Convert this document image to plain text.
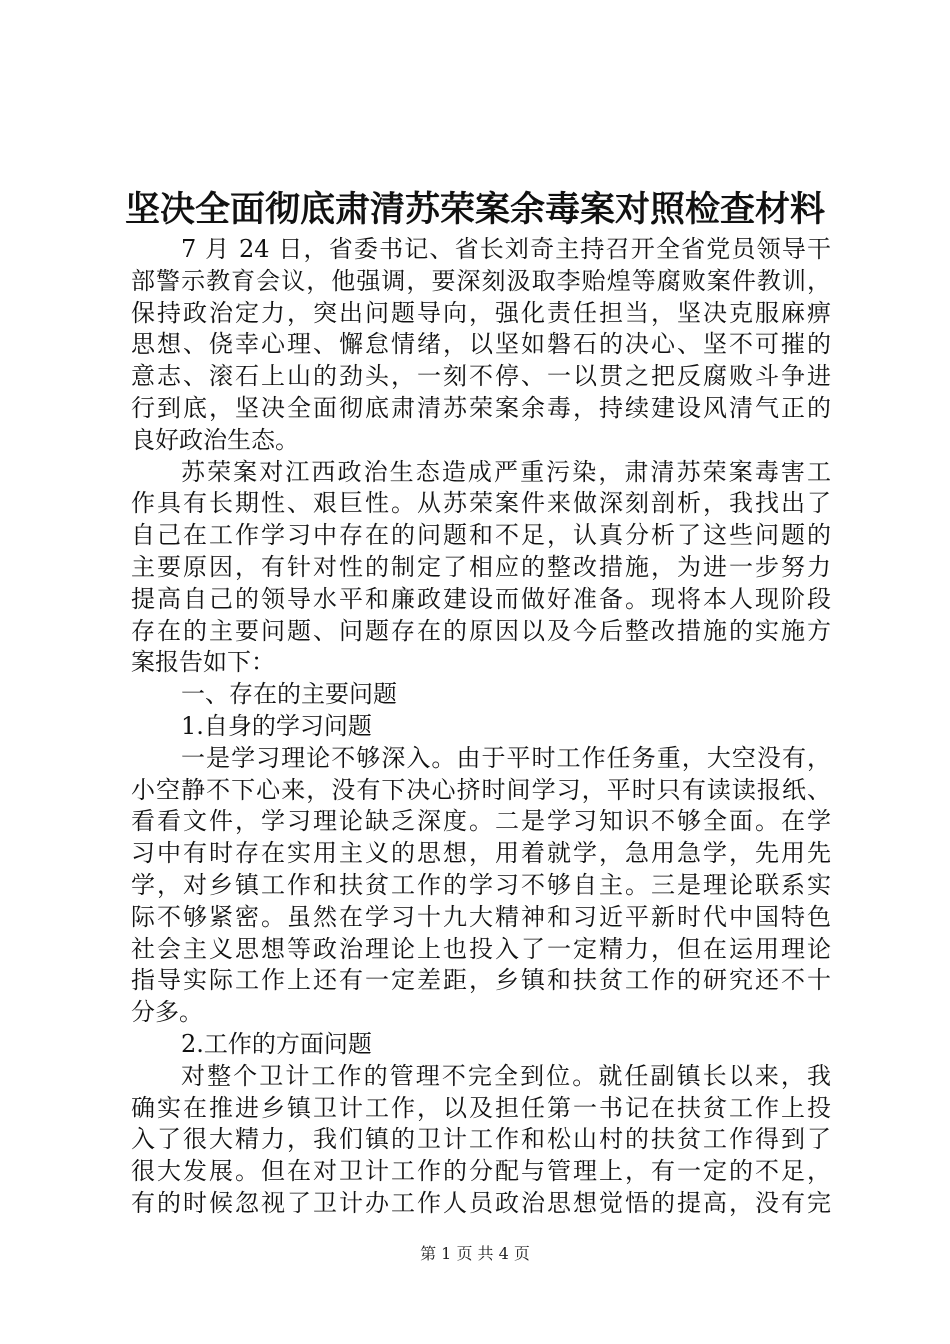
坚决全面彻底肃清苏荣案余毒案对照检查材料
7 月 24 日，省委书记、省长刘奇主持召开全省党员领导干
部警示教育会议，他强调，要深刻汲取李贻煌等腐败案件教训，
保持政治定力，突出问题导向，强化责任担当，坚决克服麻痹
思想、侥幸心理、懈怠情绪，以坚如磐石的决心、坚不可摧的
意志、滚石上山的劲头，一刻不停、一以贯之把反腐败斗争进
行到底，坚决全面彻底肃清苏荣案余毒，持续建设风清气正的
良好政治生态。
苏荣案对江西政治生态造成严重污染，肃清苏荣案毒害工
作具有长期性、艰巨性。从苏荣案件来做深刻剖析，我找出了
自己在工作学习中存在的问题和不足，认真分析了这些问题的
主要原因，有针对性的制定了相应的整改措施，为进一步努力
提高自己的领导水平和廉政建设而做好准备。现将本人现阶段
存在的主要问题、问题存在的原因以及今后整改措施的实施方
案报告如下：
一、存在的主要问题
1.自身的学习问题
一是学习理论不够深入。由于平时工作任务重，大空没有，
小空静不下心来，没有下决心挤时间学习，平时只有读读报纸、
看看文件，学习理论缺乏深度。二是学习知识不够全面。在学
习中有时存在实用主义的思想，用着就学，急用急学，先用先
学，对乡镇工作和扶贫工作的学习不够自主。三是理论联系实
际不够紧密。虽然在学习十九大精神和习近平新时代中国特色
社会主义思想等政治理论上也投入了一定精力，但在运用理论
指导实际工作上还有一定差距，乡镇和扶贫工作的研究还不十
分多。
2.工作的方面问题
对整个卫计工作的管理不完全到位。就任副镇长以来，我
确实在推进乡镇卫计工作，以及担任第一书记在扶贫工作上投
入了很大精力，我们镇的卫计工作和松山村的扶贫工作得到了
很大发展。但在对卫计工作的分配与管理上，有一定的不足，
有的时候忽视了卫计办工作人员政治思想觉悟的提高，没有完
第 1 页 共 4 页
